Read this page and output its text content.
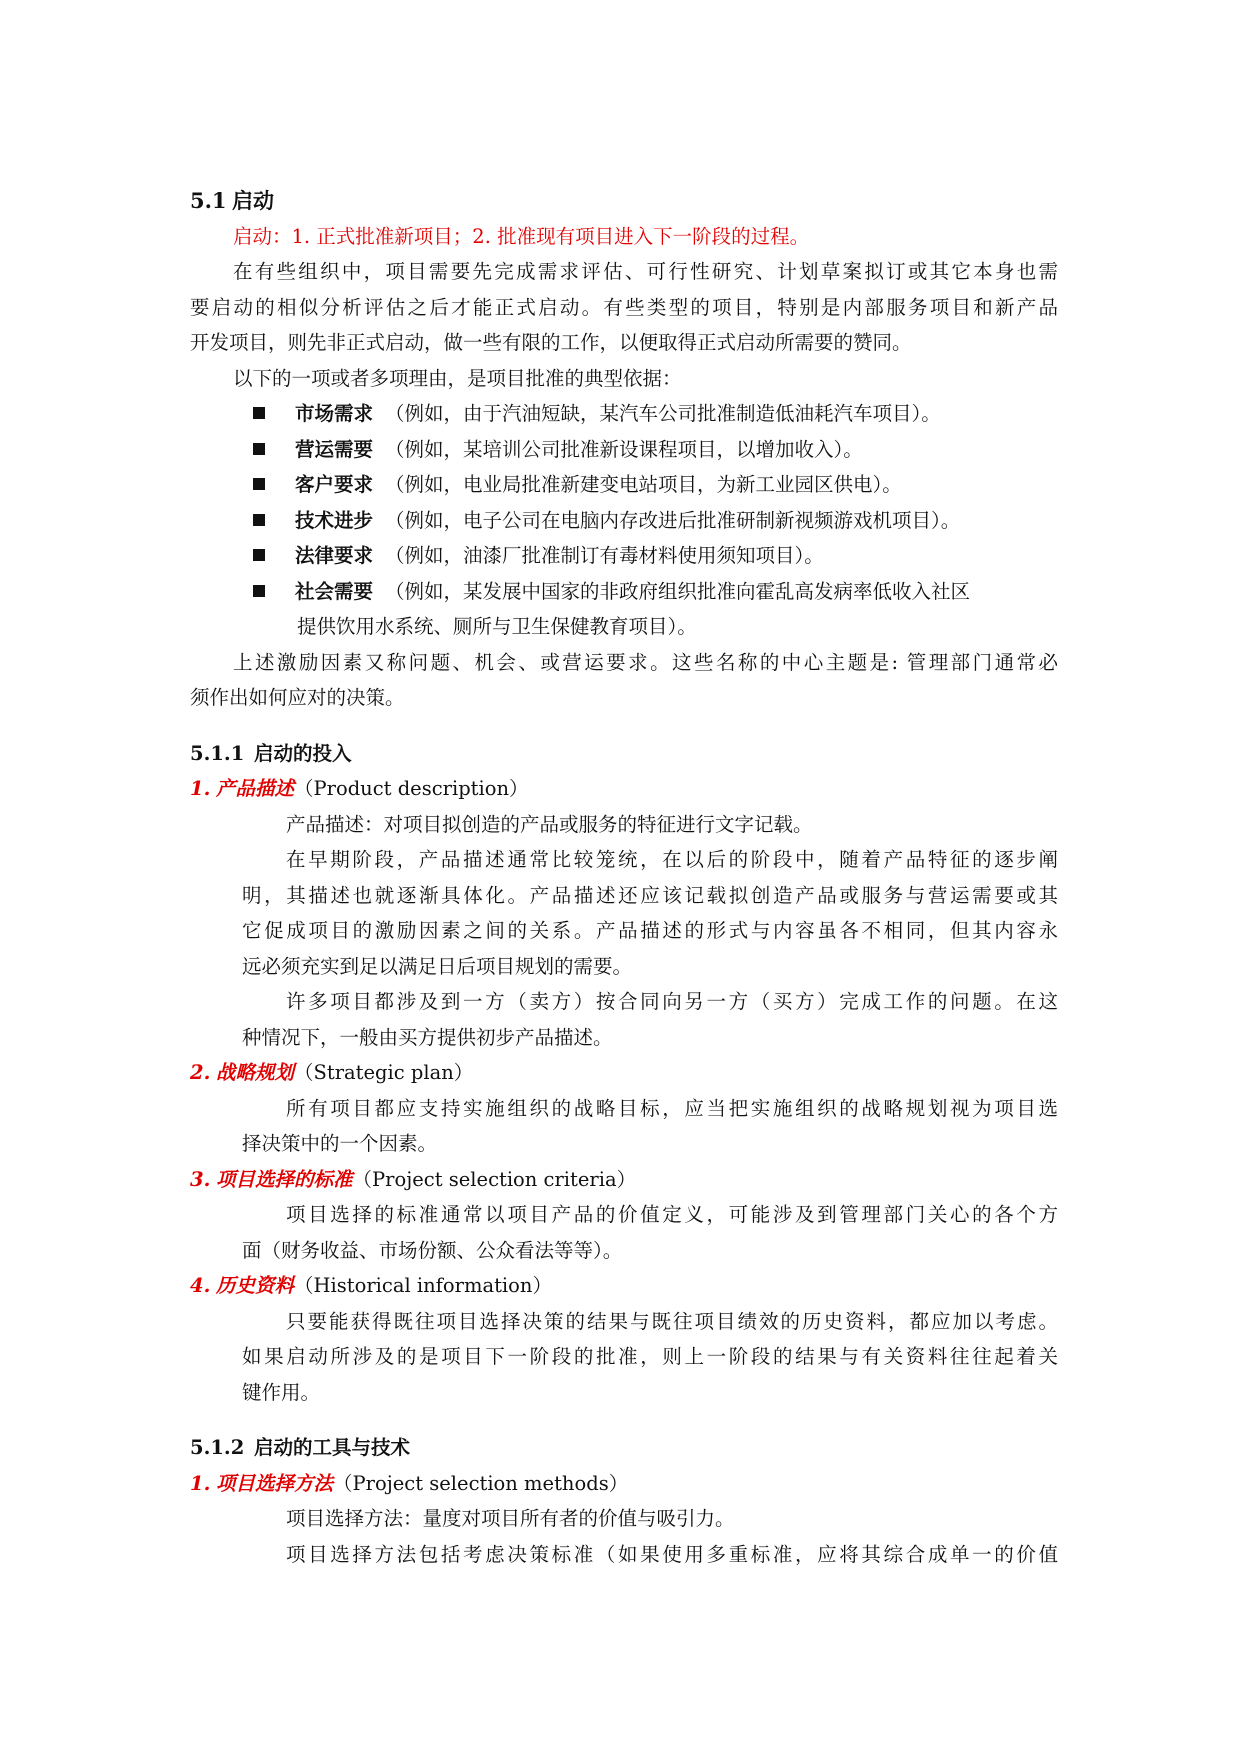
5.1 启动
启动：1. 正式批准新项目；2. 批准现有项目进入下一阶段的过程。
在有些组织中，项目需要先完成需求评估、可行性研究、计划草案拟订或其它本身也需
要启动的相似分析评估之后才能正式启动。有些类型的项目，特别是内部服务项目和新产品
开发项目，则先非正式启动，做一些有限的工作，以便取得正式启动所需要的赞同。
以下的一项或者多项理由，是项目批准的典型依据：
市场需求 （例如，由于汽油短缺，某汽车公司批准制造低油耗汽车项目）。
营运需要 （例如，某培训公司批准新设课程项目，以增加收入）。
客户要求 （例如，电业局批准新建变电站项目，为新工业园区供电）。
技术进步 （例如，电子公司在电脑内存改进后批准研制新视频游戏机项目）。
法律要求 （例如，油漆厂批准制订有毒材料使用须知项目）。
社会需要 （例如，某发展中国家的非政府组织批准向霍乱高发病率低收入社区
提供饮用水系统、厕所与卫生保健教育项目）。
上述激励因素又称问题、机会、或营运要求。这些名称的中心主题是: 管理部门通常必
须作出如何应对的决策。
5.1.1 启动的投入
1. 产品描述（Product description）
产品描述：对项目拟创造的产品或服务的特征进行文字记载。
在早期阶段，产品描述通常比较笼统，在以后的阶段中，随着产品特征的逐步阐
明，其描述也就逐渐具体化。产品描述还应该记载拟创造产品或服务与营运需要或其
它促成项目的激励因素之间的关系。产品描述的形式与内容虽各不相同，但其内容永
远必须充实到足以满足日后项目规划的需要。
许多项目都涉及到一方（卖方）按合同向另一方（买方）完成工作的问题。在这
种情况下，一般由买方提供初步产品描述。
2. 战略规划（Strategic plan）
所有项目都应支持实施组织的战略目标，应当把实施组织的战略规划视为项目选
择决策中的一个因素。
3. 项目选择的标准（Project selection criteria）
项目选择的标准通常以项目产品的价值定义，可能涉及到管理部门关心的各个方
面（财务收益、市场份额、公众看法等等）。
4. 历史资料（Historical information）
只要能获得既往项目选择决策的结果与既往项目绩效的历史资料，都应加以考虑。
如果启动所涉及的是项目下一阶段的批准，则上一阶段的结果与有关资料往往起着关
键作用。
5.1.2 启动的工具与技术
1. 项目选择方法（Project selection methods）
项目选择方法：量度对项目所有者的价值与吸引力。
项目选择方法包括考虑决策标准（如果使用多重标准，应将其综合成单一的价值
